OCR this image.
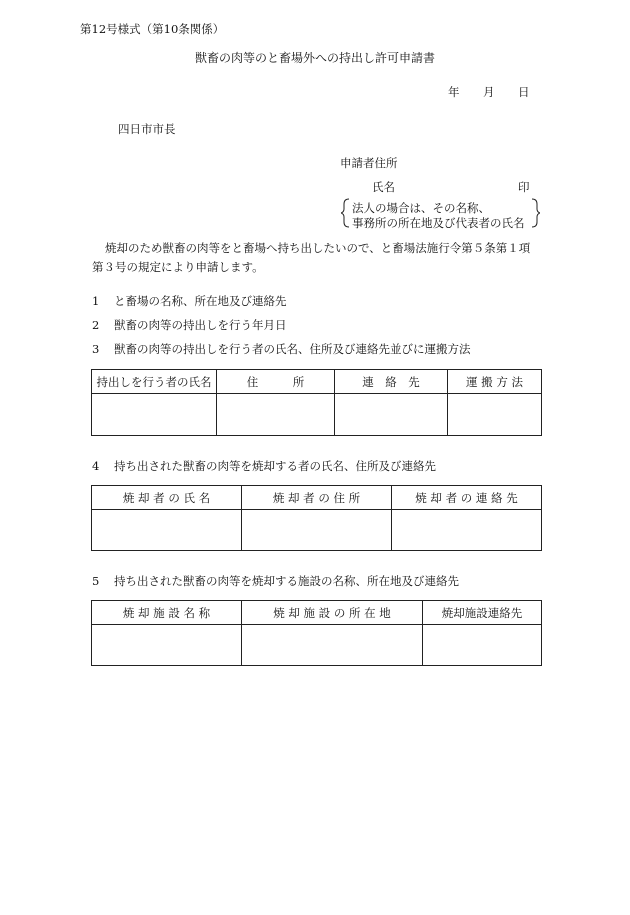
第12号様式（第10条関係）
獣畜の肉等のと畜場外への持出し許可申請書
年 月 日
四日市市長
申請者住所
氏名	印
法人の場合は、その名称、
事務所の所在地及び代表者の氏名
焼却のため獣畜の肉等をと畜場へ持ち出したいので、と畜場法施行令第５条第１項
第３号の規定により申請します。
1 と畜場の名称、所在地及び連絡先
2 獣畜の肉等の持出しを行う年月日
3 獣畜の肉等の持出しを行う者の氏名、住所及び連絡先並びに運搬方法
持出しを行う者の氏名	住　　　所	連　絡　先	運 搬 方 法

4 持ち出された獣畜の肉等を焼却する者の氏名、住所及び連絡先
焼 却 者 の 氏 名	焼 却 者 の 住 所	焼 却 者 の 連 絡 先

5 持ち出された獣畜の肉等を焼却する施設の名称、所在地及び連絡先
焼 却 施 設 名 称	焼 却 施 設 の 所 在 地	焼却施設連絡先
